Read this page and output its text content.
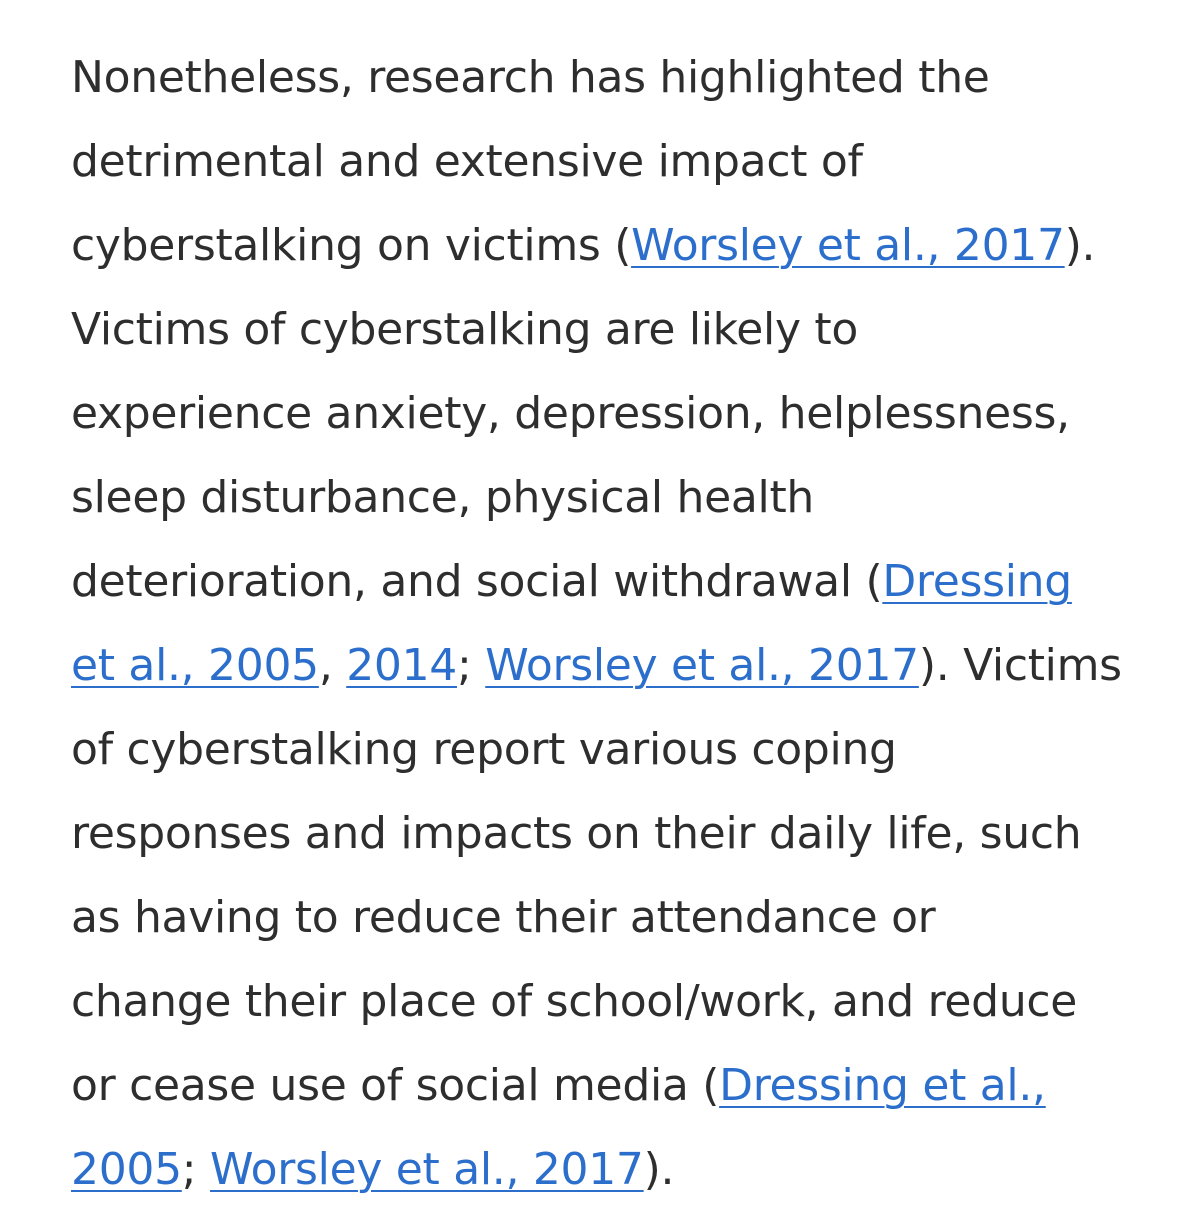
Nonetheless, research has highlighted the
detrimental and extensive impact of
cyberstalking on victims (Worsley et al., 2017).
Victims of cyberstalking are likely to
experience anxiety, depression, helplessness,
sleep disturbance, physical health
deterioration, and social withdrawal (Dressing
et al., 2005, 2014; Worsley et al., 2017). Victims
of cyberstalking report various coping
responses and impacts on their daily life, such
as having to reduce their attendance or
change their place of school/work, and reduce
or cease use of social media (Dressing et al.,
2005; Worsley et al., 2017).
